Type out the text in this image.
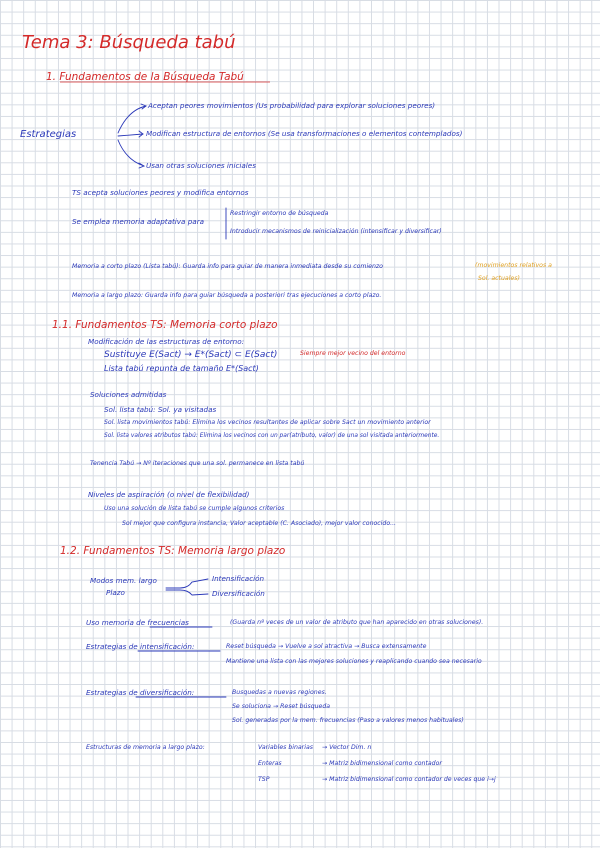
Tema 3: Búsqueda tabú
1. Fundamentos de la Búsqueda Tabú
Estrategias
Aceptan peores movimientos (Us probabilidad para explorar soluciones peores)
Modifican estructura de entornos (Se usa transformaciones o elementos contemplados)
Usan otras soluciones iniciales
TS acepta soluciones peores y modifica entornos
Se emplea memoria adaptativa para
Restringir entorno de búsqueda
Introducir mecanismos de reinicialización (intensificar y diversificar)
Memoria a corto plazo (Lista tabú): Guarda info para guiar de manera inmediata desde su comienzo	(movimientos relativos a
Sol. actuales)
Memoria a largo plazo: Guarda info para guiar búsqueda a posteriori tras ejecuciones a corto plazo.
1.1. Fundamentos TS: Memoria corto plazo
Modificación de las estructuras de entorno:
Sustituye E(Sact) → E*(Sact) ⊂ E(Sact)
Lista tabú repunta de tamaño E*(Sact)
Siempre mejor vecino del entorno
Soluciones admitidas
Sol. lista tabú: Sol. ya visitadas
Sol. lista movimientos tabú: Elimina los vecinos resultantes de aplicar sobre Sact un movimiento anterior
Sol. lista valores atributos tabú: Elimina los vecinos con un par(atributo, valor) de una sol visitada anteriormente.
Tenencia Tabú → Nº iteraciones que una sol. permanece en lista tabú
Niveles de aspiración (o nivel de flexibilidad)
Uso una solución de lista tabú se cumple algunos criterios
Sol mejor que configura instancia, Valor aceptable (C. Asociado), mejor valor conocido...
1.2. Fundamentos TS: Memoria largo plazo
Modos mem. largo
Plazo
Intensificación
Diversificación
Uso memoria de frecuencias	(Guarda nº veces de un valor de atributo que han aparecido en otras soluciones).
Estrategias de intensificación:	Reset búsqueda → Vuelve a sol atractiva → Busca extensamente
Mantiene una lista con las mejores soluciones y reaplicando cuando sea necesario
Estrategias de diversificación:	Busquedas a nuevas regiones.
Se soluciona → Reset búsqueda
Sol. generadas por la mem. frecuencias (Paso a valores menos habituales)
Estructuras de memoria a largo plazo:	Variables binarias → Vector Dim. n
Enteras	→ Matriz bidimensional como contador
TSP	→ Matriz bidimensional como contador de veces que i→j
